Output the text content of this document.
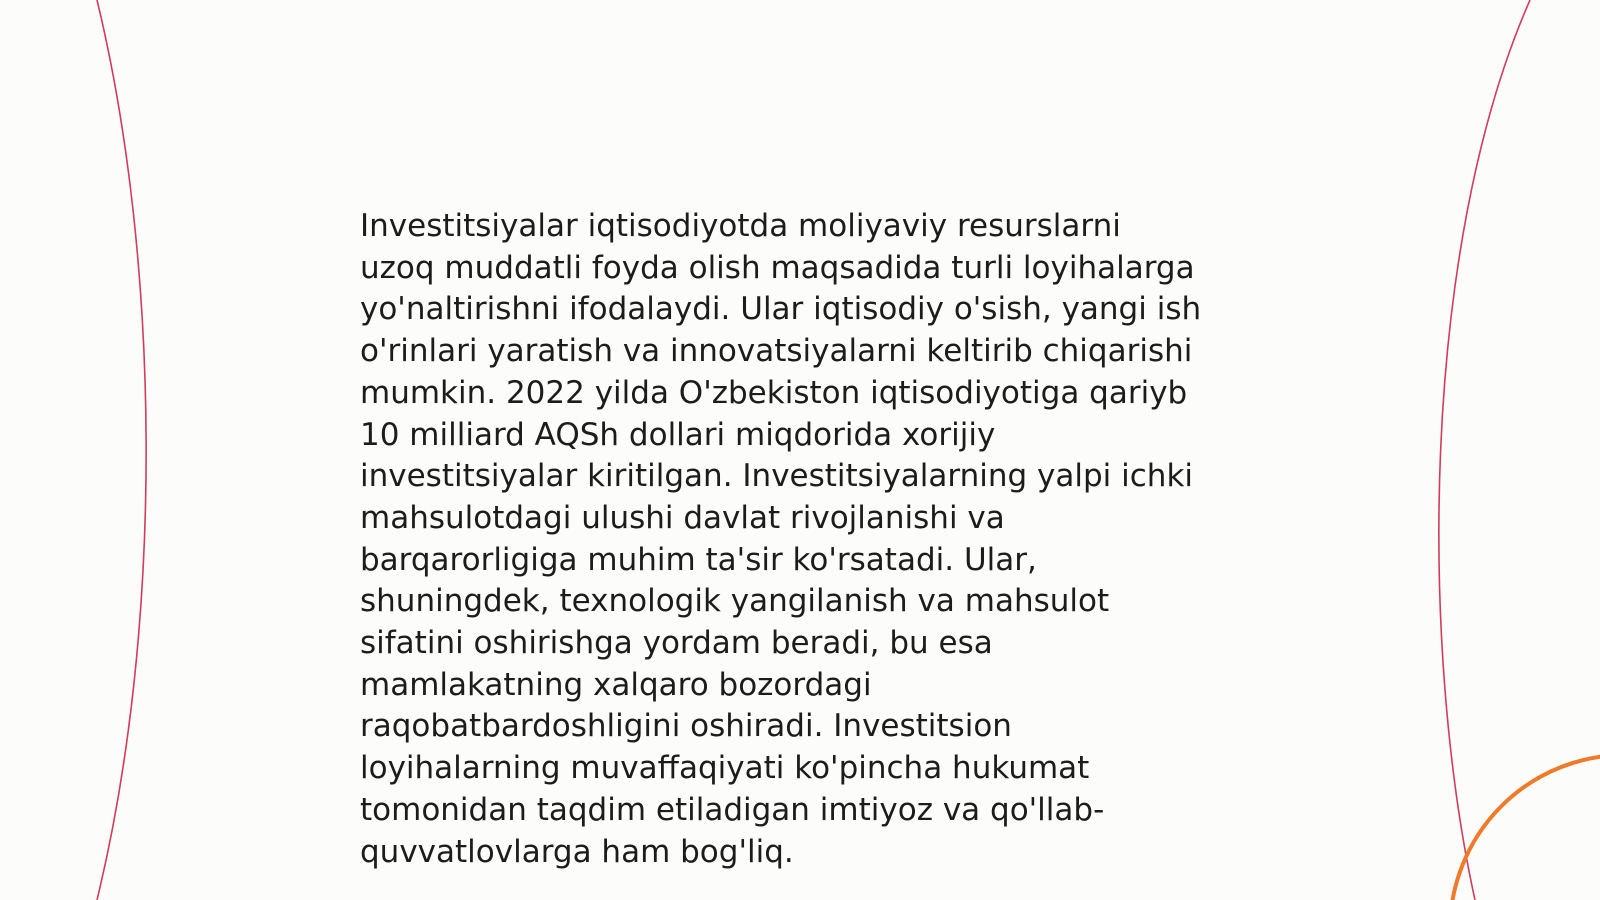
Investitsiyalar iqtisodiyotda moliyaviy resurslarni
uzoq muddatli foyda olish maqsadida turli loyihalarga
yo'naltirishni ifodalaydi. Ular iqtisodiy o'sish, yangi ish
o'rinlari yaratish va innovatsiyalarni keltirib chiqarishi
mumkin. 2022 yilda O'zbekiston iqtisodiyotiga qariyb
10 milliard AQSh dollari miqdorida xorijiy
investitsiyalar kiritilgan. Investitsiyalarning yalpi ichki
mahsulotdagi ulushi davlat rivojlanishi va
barqarorligiga muhim ta'sir ko'rsatadi. Ular,
shuningdek, texnologik yangilanish va mahsulot
sifatini oshirishga yordam beradi, bu esa
mamlakatning xalqaro bozordagi
raqobatbardoshligini oshiradi. Investitsion
loyihalarning muvaffaqiyati ko'pincha hukumat
tomonidan taqdim etiladigan imtiyoz va qo'llab-
quvvatlovlarga ham bog'liq.
